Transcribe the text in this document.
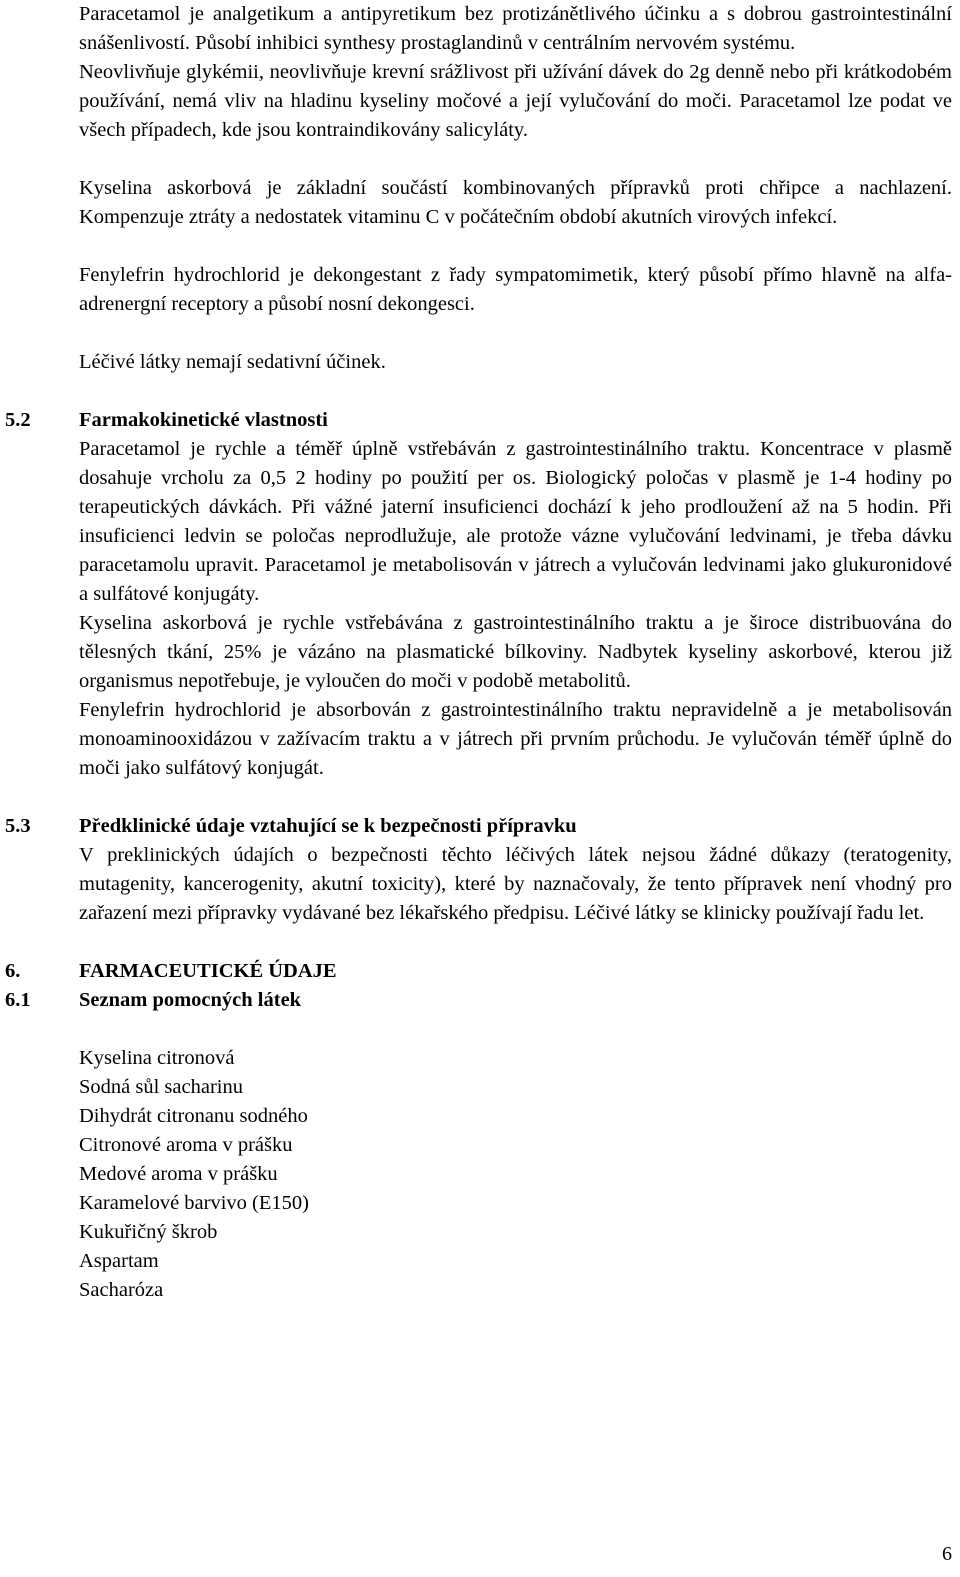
Paracetamol je analgetikum a antipyretikum bez protizánětlivého účinku a s dobrou gastrointestinální snášenlivostí. Působí inhibici synthesy prostaglandinů v centrálním nervovém systému.

Neovlivňuje glykémii, neovlivňuje krevní srážlivost při užívání dávek do 2g denně nebo při krátkodobém používání, nemá vliv na hladinu kyseliny močové a její vylučování do moči. Paracetamol lze podat ve všech případech, kde jsou kontraindikovány salicyláty.

Kyselina askorbová je základní součástí kombinovaných přípravků proti chřipce a nachlazení. Kompenzuje ztráty a nedostatek vitaminu C v počátečním období akutních virových infekcí.

Fenylefrin hydrochlorid je dekongestant z řady sympatomimetik, který působí přímo hlavně na alfa-adrenergní receptory a působí nosní dekongesci.

Léčivé látky nemají sedativní účinek.

5.2 Farmakokinetické vlastnosti

Paracetamol je rychle a téměř úplně vstřebáván z gastrointestinálního traktu. Koncentrace v plasmě dosahuje vrcholu za 0,5 2 hodiny po použití per os. Biologický poločas v plasmě je 1-4 hodiny po terapeutických dávkách. Při vážné jaterní insuficienci dochází k jeho prodloužení až na 5 hodin. Při insuficienci ledvin se poločas neprodlužuje, ale protože vázne vylučování ledvinami, je třeba dávku paracetamolu upravit. Paracetamol je metabolisován v játrech a vylučován ledvinami jako glukuronidové a sulfátové konjugáty.

Kyselina askorbová je rychle vstřebávána z gastrointestinálního traktu a je široce distribuována do tělesných tkání, 25% je vázáno na plasmatické bílkoviny. Nadbytek kyseliny askorbové, kterou již organismus nepotřebuje, je vyloučen do moči v podobě metabolitů.

Fenylefrin hydrochlorid je absorbován z gastrointestinálního traktu nepravidelně a je metabolisován monoaminooxidázou v zažívacím traktu a v játrech při prvním průchodu. Je vylučován téměř úplně do moči jako sulfátový konjugát.

5.3 Předklinické údaje vztahující se k bezpečnosti přípravku

V preklinických údajích o bezpečnosti těchto léčivých látek nejsou žádné důkazy (teratogenity, mutagenity, kancerogenity, akutní toxicity), které by naznačovaly, že tento přípravek není vhodný pro zařazení mezi přípravky vydávané bez lékařského předpisu. Léčivé látky se klinicky používají řadu let.

6.	FARMACEUTICKÉ ÚDAJE

6.1 Seznam pomocných látek

Kyselina citronová
Sodná sůl sacharinu
Dihydrát citronanu sodného
Citronové aroma v prášku
Medové aroma v prášku
Karamelové barvivo (E150)
Kukuřičný škrob
Aspartam
Sacharóza
6
